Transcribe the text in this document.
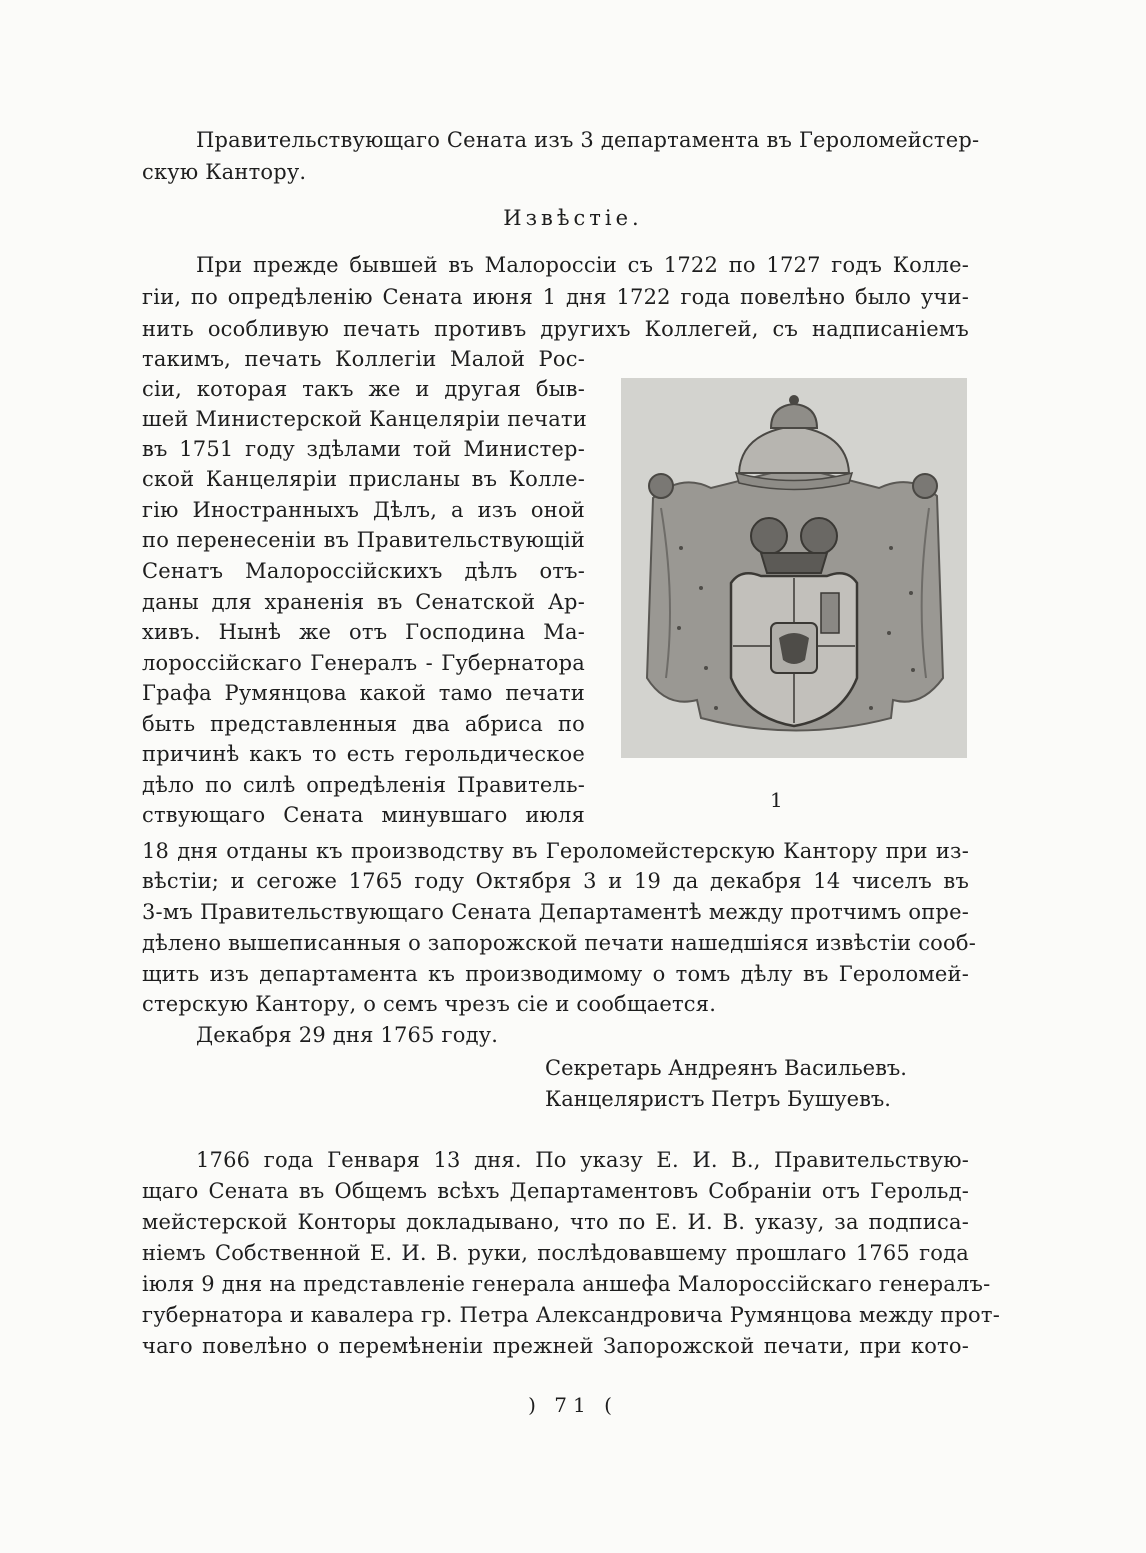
Правительствующаго Сената изъ 3 департамента въ Героломейстер-
скую Кантору.
Извѣстіе.
При прежде бывшей въ Малороссіи съ 1722 по 1727 годъ Колле-
гіи, по опредѣленію Сената июня 1 дня 1722 года повелѣно было учи-
нить особливую печать противъ другихъ Коллегей, съ надписаніемъ
такимъ, печать Коллегіи Малой Рос-
сіи, которая такъ же и другая быв-
шей Министерской Канцеляріи печати
въ 1751 году здѣлами той Министер-
ской Канцеляріи присланы въ Колле-
гію Иностранныхъ Дѣлъ, а изъ оной
по перенесеніи въ Правительствующій
Сенатъ Малороссійскихъ дѣлъ отъ-
даны для храненія въ Сенатской Ар-
хивъ. Нынѣ же отъ Господина Ма-
лороссійскаго Генералъ - Губернатора
Графа Румянцова какой тамо печати
быть представленныя два абриса по
причинѣ какъ то есть герольдическое
дѣло по силѣ опредѣленія Правитель-
ствующаго Сената минувшаго июля
1
18 дня отданы къ производству въ Героломейстерскую Кантору при из-
вѣстіи; и сегоже 1765 году Октября 3 и 19 да декабря 14 чиселъ въ
3-мъ Правительствующаго Сената Департаментѣ между протчимъ опре-
дѣлено вышеписанныя о запорожской печати нашедшіяся извѣстіи сооб-
щить изъ департамента къ производимому о томъ дѣлу въ Героломей-
стерскую Кантору, о семъ чрезъ сіе и сообщается.
Декабря 29 дня 1765 году.
Секретарь Андреянъ Васильевъ.
Канцеляристъ Петръ Бушуевъ.
1766 года Генваря 13 дня. По указу Е. И. В., Правительствую-
щаго Сената въ Общемъ всѣхъ Департаментовъ Собраніи отъ Герольд-
мейстерской Конторы докладывано, что по Е. И. В. указу, за подписа-
ніемъ Собственной Е. И. В. руки, послѣдовавшему прошлаго 1765 года
іюля 9 дня на представленіе генерала аншефа Малороссійскаго генералъ-
губернатора и кавалера гр. Петра Александровича Румянцова между прот-
чаго повелѣно о перемѣненіи прежней Запорожской печати, при кото-
) 71 (
